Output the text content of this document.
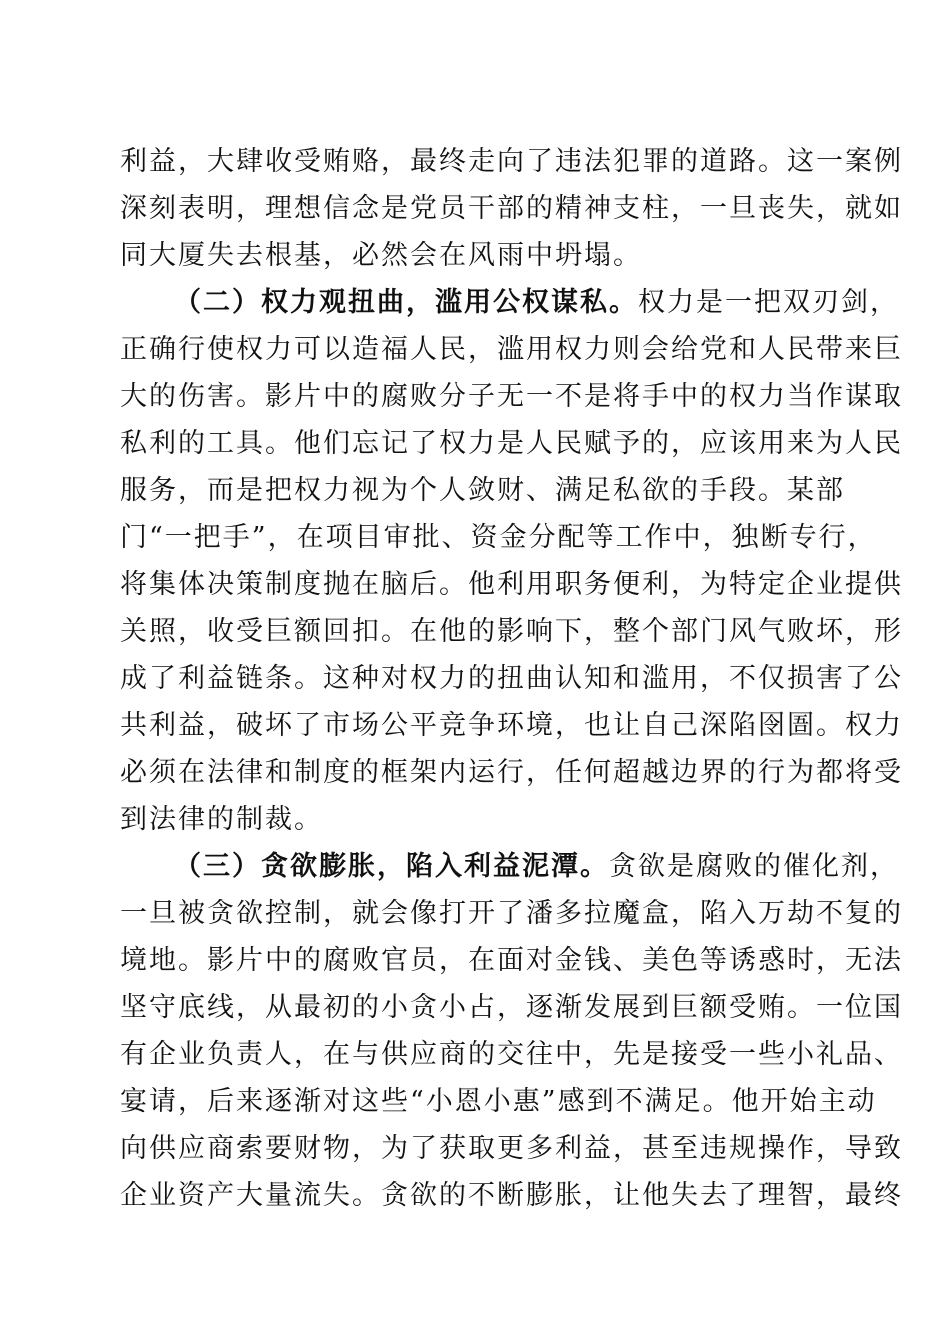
利益，大肆收受贿赂，最终走向了违法犯罪的道路。这一案例
深刻表明，理想信念是党员干部的精神支柱，一旦丧失，就如
同大厦失去根基，必然会在风雨中坍塌。
（二）权力观扭曲，滥用公权谋私。权力是一把双刃剑，
正确行使权力可以造福人民，滥用权力则会给党和人民带来巨
大的伤害。影片中的腐败分子无一不是将手中的权力当作谋取
私利的工具。他们忘记了权力是人民赋予的，应该用来为人民
服务，而是把权力视为个人敛财、满足私欲的手段。某部
门“一把手”，在项目审批、资金分配等工作中，独断专行，
将集体决策制度抛在脑后。他利用职务便利，为特定企业提供
关照，收受巨额回扣。在他的影响下，整个部门风气败坏，形
成了利益链条。这种对权力的扭曲认知和滥用，不仅损害了公
共利益，破坏了市场公平竞争环境，也让自己深陷囹圄。权力
必须在法律和制度的框架内运行，任何超越边界的行为都将受
到法律的制裁。
（三）贪欲膨胀，陷入利益泥潭。贪欲是腐败的催化剂，
一旦被贪欲控制，就会像打开了潘多拉魔盒，陷入万劫不复的
境地。影片中的腐败官员，在面对金钱、美色等诱惑时，无法
坚守底线，从最初的小贪小占，逐渐发展到巨额受贿。一位国
有企业负责人，在与供应商的交往中，先是接受一些小礼品、
宴请，后来逐渐对这些“小恩小惠”感到不满足。他开始主动
向供应商索要财物，为了获取更多利益，甚至违规操作，导致
企业资产大量流失。贪欲的不断膨胀，让他失去了理智，最终
